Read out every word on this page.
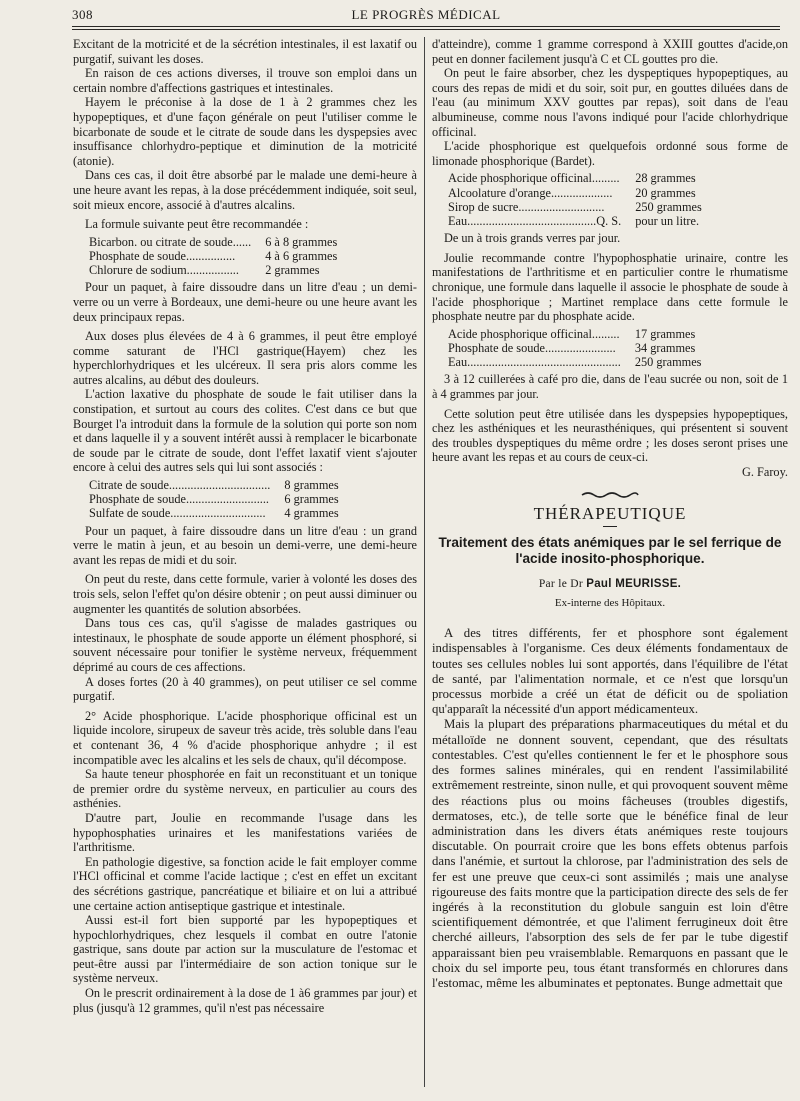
308	LE PROGRÈS MÉDICAL

Excitant de la motricité et de la sécrétion intestinales, il est laxatif ou purgatif, suivant les doses.

En raison de ces actions diverses, il trouve son emploi dans un certain nombre d'affections gastriques et intestinales.

Hayem le préconise à la dose de 1 à 2 grammes chez les hypopeptiques, et d'une façon générale on peut l'utiliser comme le bicarbonate de soude et le citrate de soude dans les dyspepsies avec insuffisance chlorhydro-peptique et diminution de la motricité (atonie).

Dans ces cas, il doit être absorbé par le malade une demi-heure à une heure avant les repas, à la dose précédemment indiquée, soit seul, soit mieux encore, associé à d'autres alcalins.

La formule suivante peut être recommandée :

Bicarbon. ou citrate de soude......	6 à 8 grammes
Phosphate de soude................	4 à 6 grammes
Chlorure de sodium.................	2 grammes

Pour un paquet, à faire dissoudre dans un litre d'eau ; un demi-verre ou un verre à Bordeaux, une demi-heure ou une heure avant les deux principaux repas.

Aux doses plus élevées de 4 à 6 grammes, il peut être employé comme saturant de l'HCl gastrique(Hayem) chez les hyperchlorhydriques et les ulcéreux. Il sera pris alors comme les autres alcalins, au début des douleurs.

L'action laxative du phosphate de soude le fait utiliser dans la constipation, et surtout au cours des colites. C'est dans ce but que Bourget l'a introduit dans la formule de la solution qui porte son nom et dans laquelle il y a souvent intérêt aussi à remplacer le bicarbonate de soude par le citrate de soude, dont l'effet laxatif vient s'ajouter encore à celui des autres sels qui lui sont associés :

Citrate de soude.................................	8 grammes
Phosphate de soude...........................	6 grammes
Sulfate de soude...............................	4 grammes

Pour un paquet, à faire dissoudre dans un litre d'eau : un grand verre le matin à jeun, et au besoin un demi-verre, une demi-heure avant les repas de midi et du soir.

On peut du reste, dans cette formule, varier à volonté les doses des trois sels, selon l'effet qu'on désire obtenir ; on peut aussi diminuer ou augmenter les quantités de solution absorbées.

Dans tous ces cas, qu'il s'agisse de malades gastriques ou intestinaux, le phosphate de soude apporte un élément phosphoré, si souvent nécessaire pour tonifier le système nerveux, fréquemment déprimé au cours de ces affections.

A doses fortes (20 à 40 grammes), on peut utiliser ce sel comme purgatif.

2° Acide phosphorique. L'acide phosphorique officinal est un liquide incolore, sirupeux de saveur très acide, très soluble dans l'eau et contenant 36, 4 % d'acide phosphorique anhydre ; il est incompatible avec les alcalins et les sels de chaux, qu'il décompose.

Sa haute teneur phosphorée en fait un reconstituant et un tonique de premier ordre du système nerveux, en particulier au cours des asthénies.

D'autre part, Joulie en recommande l'usage dans les hypophosphaties urinaires et les manifestations variées de l'arthritisme.

En pathologie digestive, sa fonction acide le fait employer comme l'HCl officinal et comme l'acide lactique ; c'est en effet un excitant des sécrétions gastrique, pancréatique et biliaire et on lui a attribué une certaine action antiseptique gastrique et intestinale.

Aussi est-il fort bien supporté par les hypopeptiques et hypochlorhydriques, chez lesquels il combat en outre l'atonie gastrique, sans doute par action sur la musculature de l'estomac et peut-être aussi par l'intermédiaire de son action tonique sur le système nerveux.

On le prescrit ordinairement à la dose de 1 à6 grammes par jour) et plus (jusqu'à 12 grammes, qu'il n'est pas nécessaire

d'atteindre), comme 1 gramme correspond à XXIII gouttes d'acide,on peut en donner facilement jusqu'à C et CL gouttes pro die.

On peut le faire absorber, chez les dyspeptiques hypopeptiques, au cours des repas de midi et du soir, soit pur, en gouttes diluées dans de l'eau (au minimum XXV gouttes par repas), soit dans de l'eau albumineuse, comme nous l'avons indiqué pour l'acide chlorhydrique officinal.

L'acide phosphorique est quelquefois ordonné sous forme de limonade phosphorique (Bardet).

Acide phosphorique officinal.........	28 grammes
Alcoolature d'orange....................	20 grammes
Sirop de sucre............................	250 grammes
Eau..........................................Q. S.	pour un litre.

De un à trois grands verres par jour.

Joulie recommande contre l'hypophosphatie urinaire, contre les manifestations de l'arthritisme et en particulier contre le rhumatisme chronique, une formule dans laquelle il associe le phosphate de soude à l'acide phosphorique ; Martinet remplace dans cette formule le phosphate neutre par du phosphate acide.

Acide phosphorique officinal.........	17 grammes
Phosphate de soude.......................	34 grammes
Eau..................................................	250 grammes

3 à 12 cuillerées à café pro die, dans de l'eau sucrée ou non, soit de 1 à 4 grammes par jour.

Cette solution peut être utilisée dans les dyspepsies hypopeptiques, chez les asthéniques et les neurasthéniques, qui présentent si souvent des troubles dyspeptiques du même ordre ; les doses seront prises une heure avant les repas et au cours de ceux-ci.

G. Faroy.
THÉRAPEUTIQUE
Traitement des états anémiques par le sel ferrique de l'acide inosito-phosphorique.
Par le Dr Paul MEURISSE.
Ex-interne des Hôpitaux.

A des titres différents, fer et phosphore sont également indispensables à l'organisme. Ces deux éléments fondamentaux de toutes ses cellules nobles lui sont apportés, dans l'équilibre de l'état de santé, par l'alimentation normale, et ce n'est que lorsqu'un processus morbide a créé un état de déficit ou de spoliation qu'apparaît la nécessité d'un apport médicamenteux.

Mais la plupart des préparations pharmaceutiques du métal et du métalloïde ne donnent souvent, cependant, que des résultats contestables. C'est qu'elles contiennent le fer et le phosphore sous des formes salines minérales, qui en rendent l'assimilabilité extrêmement restreinte, sinon nulle, et qui provoquent souvent même des réactions plus ou moins fâcheuses (troubles digestifs, dermatoses, etc.), de telle sorte que le bénéfice final de leur administration dans les divers états anémiques reste toujours discutable. On pourrait croire que les bons effets obtenus parfois dans l'anémie, et surtout la chlorose, par l'administration des sels de fer est une preuve que ceux-ci sont assimilés ; mais une analyse rigoureuse des faits montre que la participation directe des sels de fer ingérés à la reconstitution du globule sanguin est loin d'être scientifiquement démontrée, et que l'aliment ferrugineux doit être cherché ailleurs, l'absorption des sels de fer par le tube digestif apparaissant bien peu vraisemblable. Remarquons en passant que le choix du sel importe peu, tous étant transformés en chlorures dans l'estomac, même les albuminates et peptonates. Bunge admettait que
